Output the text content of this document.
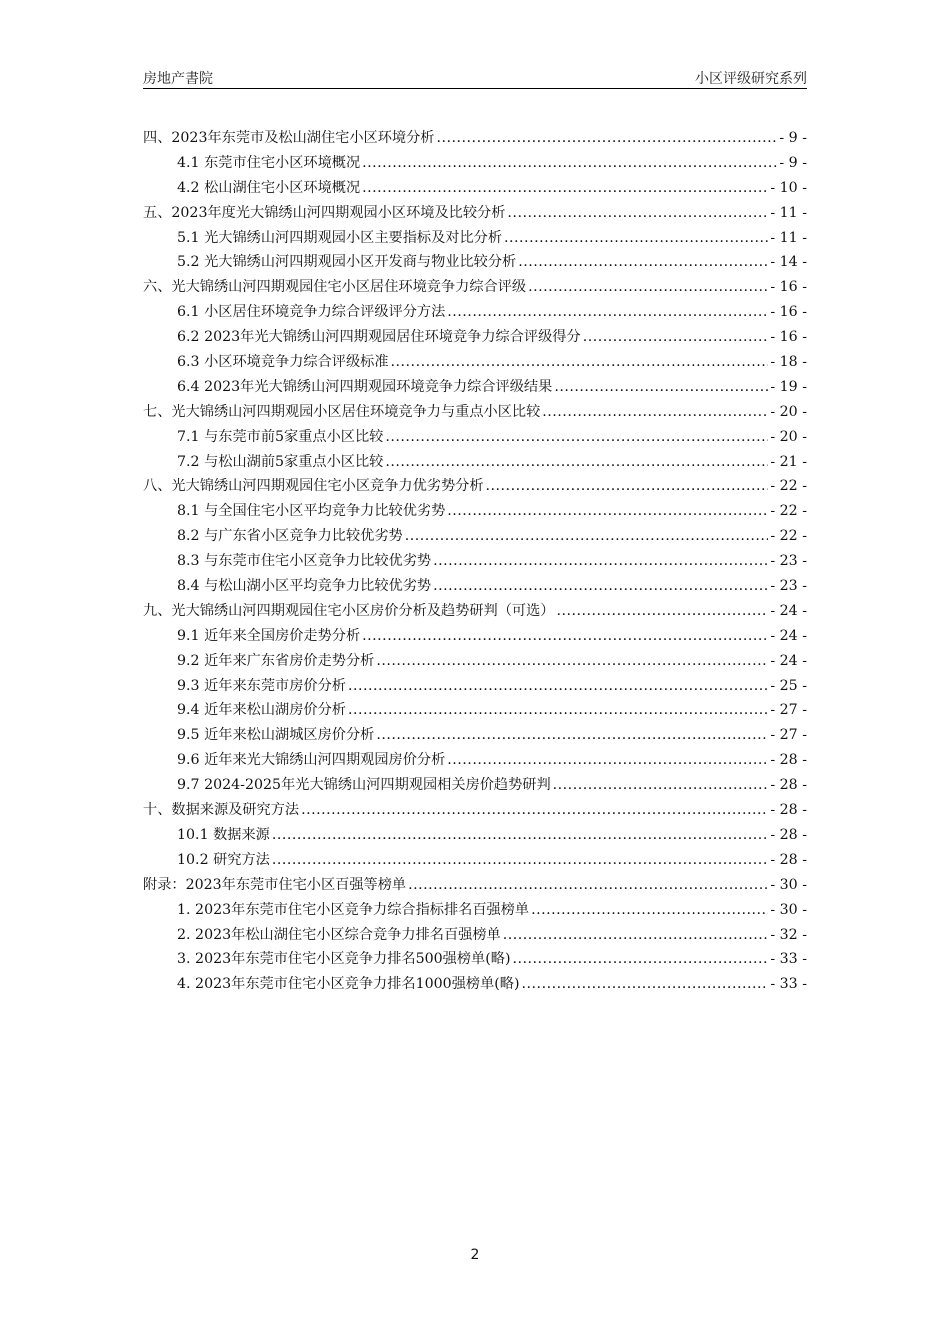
房地产書院	小区评级研究系列
四、2023年东莞市及松山湖住宅小区环境分析 .....	- 9 -
4.1 东莞市住宅小区环境概况 .....	- 9 -
4.2 松山湖住宅小区环境概况 .....	- 10 -
五、2023年度光大锦绣山河四期观园小区环境及比较分析 .....	- 11 -
5.1 光大锦绣山河四期观园小区主要指标及对比分析 .....	- 11 -
5.2 光大锦绣山河四期观园小区开发商与物业比较分析 .....	- 14 -
六、光大锦绣山河四期观园住宅小区居住环境竞争力综合评级 .....	- 16 -
6.1 小区居住环境竞争力综合评级评分方法 .....	- 16 -
6.2 2023年光大锦绣山河四期观园居住环境竞争力综合评级得分 .....	- 16 -
6.3 小区环境竞争力综合评级标准 .....	- 18 -
6.4 2023年光大锦绣山河四期观园环境竞争力综合评级结果 .....	- 19 -
七、光大锦绣山河四期观园小区居住环境竞争力与重点小区比较 .....	- 20 -
7.1 与东莞市前5家重点小区比较 .....	- 20 -
7.2 与松山湖前5家重点小区比较 .....	- 21 -
八、光大锦绣山河四期观园住宅小区竞争力优劣势分析 .....	- 22 -
8.1 与全国住宅小区平均竞争力比较优劣势 .....	- 22 -
8.2 与广东省小区竞争力比较优劣势 .....	- 22 -
8.3 与东莞市住宅小区竞争力比较优劣势 .....	- 23 -
8.4 与松山湖小区平均竞争力比较优劣势 .....	- 23 -
九、光大锦绣山河四期观园住宅小区房价分析及趋势研判（可选） .....	- 24 -
9.1 近年来全国房价走势分析 .....	- 24 -
9.2 近年来广东省房价走势分析 .....	- 24 -
9.3 近年来东莞市房价分析 .....	- 25 -
9.4 近年来松山湖房价分析 .....	- 27 -
9.5 近年来松山湖城区房价分析 .....	- 27 -
9.6 近年来光大锦绣山河四期观园房价分析 .....	- 28 -
9.7 2024-2025年光大锦绣山河四期观园相关房价趋势研判 .....	- 28 -
十、数据来源及研究方法 .....	- 28 -
10.1 数据来源 .....	- 28 -
10.2 研究方法 .....	- 28 -
附录：2023年东莞市住宅小区百强等榜单 .....	- 30 -
1. 2023年东莞市住宅小区竞争力综合指标排名百强榜单 .....	- 30 -
2. 2023年松山湖住宅小区综合竞争力排名百强榜单 .....	- 32 -
3. 2023年东莞市住宅小区竞争力排名500强榜单(略) .....	- 33 -
4. 2023年东莞市住宅小区竞争力排名1000强榜单(略) .....	- 33 -
2
